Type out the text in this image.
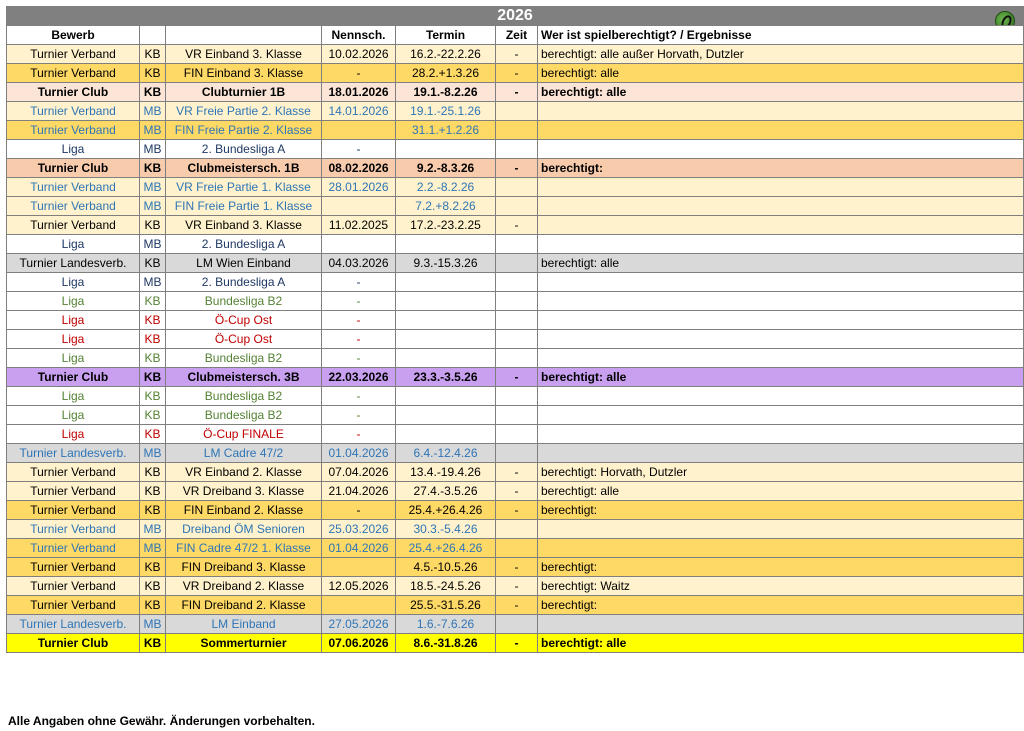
2026						

Bewerb			Nennsch.	Termin	Zeit	Wer ist spielberechtigt? / Ergebnisse
Turnier Verband	KB	VR Einband 3. Klasse	10.02.2026	16.2.-22.2.26	-	berechtigt: alle außer Horvath, Dutzler
Turnier Verband	KB	FIN Einband 3. Klasse	-	28.2.+1.3.26	-	berechtigt: alle
Turnier Club	KB	Clubturnier 1B	18.01.2026	19.1.-8.2.26	-	berechtigt: alle
Turnier Verband	MB	VR Freie Partie 2. Klasse	14.01.2026	19.1.-25.1.26		
Turnier Verband	MB	FIN Freie Partie 2. Klasse		31.1.+1.2.26		
Liga	MB	2. Bundesliga A	-			
Turnier Club	KB	Clubmeistersch. 1B	08.02.2026	9.2.-8.3.26	-	berechtigt:
Turnier Verband	MB	VR Freie Partie 1. Klasse	28.01.2026	2.2.-8.2.26		
Turnier Verband	MB	FIN Freie Partie 1. Klasse		7.2.+8.2.26		
Turnier Verband	KB	VR Einband 3. Klasse	11.02.2025	17.2.-23.2.25	-	
Liga	MB	2. Bundesliga A				
Turnier Landesverb.	KB	LM Wien Einband	04.03.2026	9.3.-15.3.26		berechtigt: alle
Liga	MB	2. Bundesliga A	-			
Liga	KB	Bundesliga B2	-			
Liga	KB	Ö-Cup Ost	-			
Liga	KB	Ö-Cup Ost	-			
Liga	KB	Bundesliga B2	-			
Turnier Club	KB	Clubmeistersch. 3B	22.03.2026	23.3.-3.5.26	-	berechtigt: alle
Liga	KB	Bundesliga B2	-			
Liga	KB	Bundesliga B2	-			
Liga	KB	Ö-Cup FINALE	-			
Turnier Landesverb.	MB	LM Cadre 47/2	01.04.2026	6.4.-12.4.26		
Turnier Verband	KB	VR Einband 2. Klasse	07.04.2026	13.4.-19.4.26	-	berechtigt: Horvath, Dutzler
Turnier Verband	KB	VR Dreiband 3. Klasse	21.04.2026	27.4.-3.5.26	-	berechtigt: alle
Turnier Verband	KB	FIN Einband 2. Klasse	-	25.4.+26.4.26	-	berechtigt:
Turnier Verband	MB	Dreiband ÖM Senioren	25.03.2026	30.3.-5.4.26		
Turnier Verband	MB	FIN Cadre 47/2 1. Klasse	01.04.2026	25.4.+26.4.26		
Turnier Verband	KB	FIN Dreiband 3. Klasse		4.5.-10.5.26	-	berechtigt:
Turnier Verband	KB	VR Dreiband 2. Klasse	12.05.2026	18.5.-24.5.26	-	berechtigt: Waitz
Turnier Verband	KB	FIN Dreiband 2. Klasse		25.5.-31.5.26	-	berechtigt:
Turnier Landesverb.	MB	LM Einband	27.05.2026	1.6.-7.6.26		
Turnier Club	KB	Sommerturnier	07.06.2026	8.6.-31.8.26	-	berechtigt: alle
Alle Angaben ohne Gewähr. Änderungen vorbehalten.
